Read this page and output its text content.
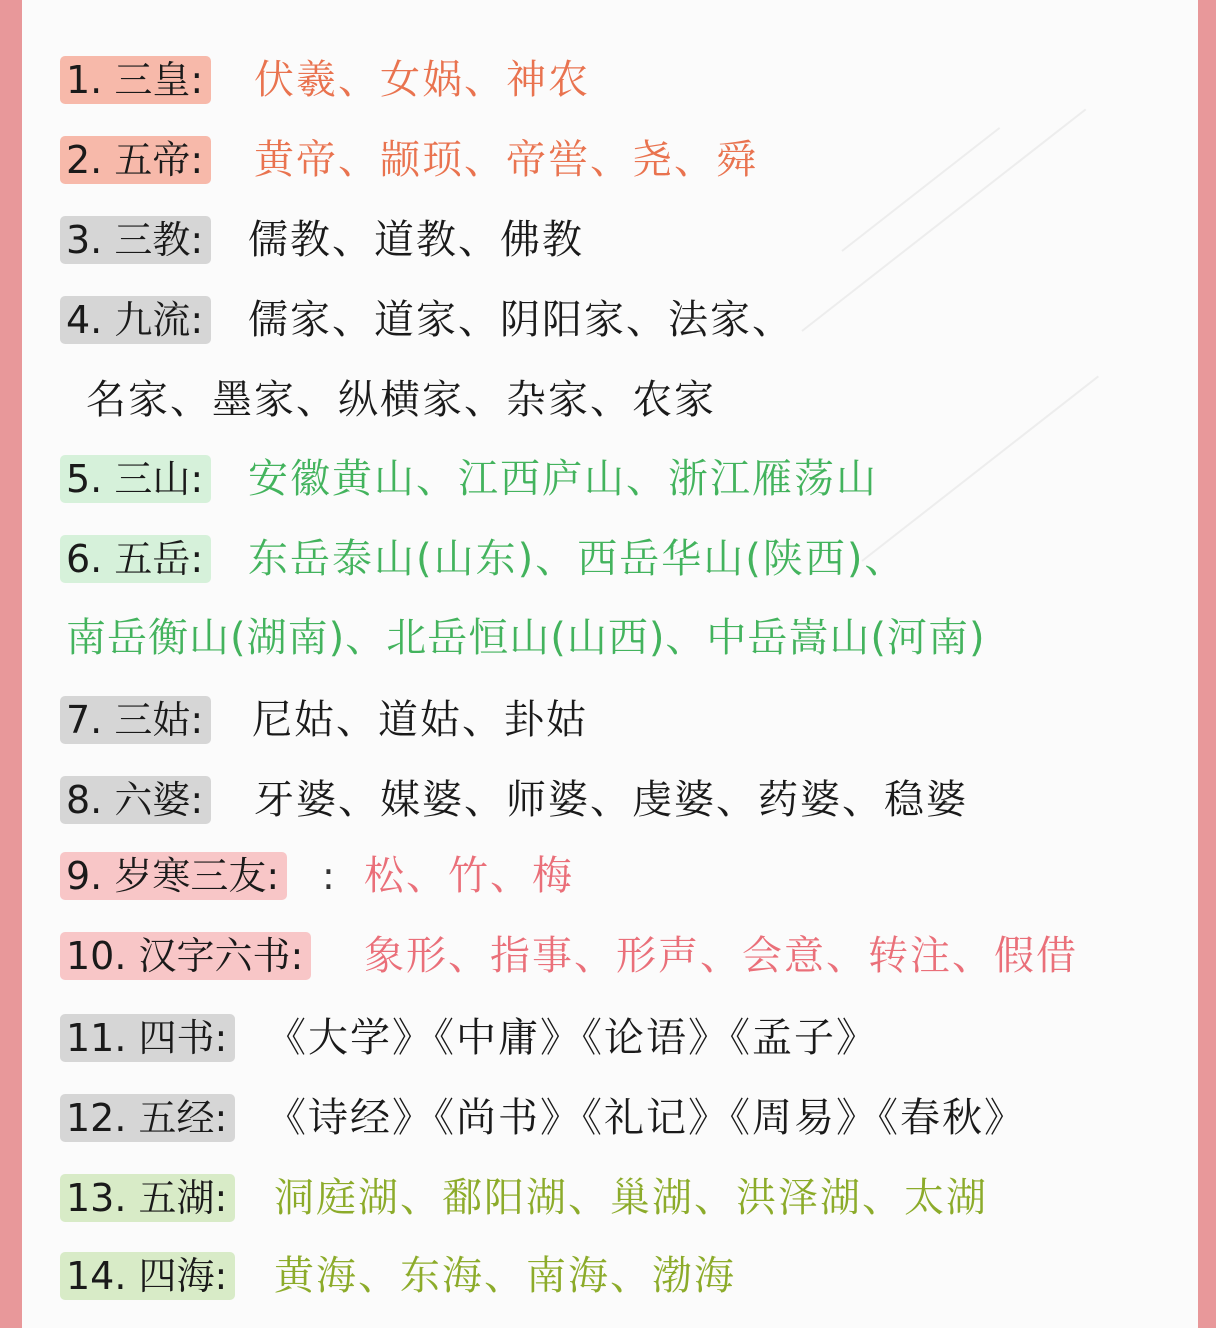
1. 三皇: 伏羲、女娲、神农
2. 五帝: 黄帝、颛顼、帝喾、尧、舜
3. 三教: 儒教、道教、佛教
4. 九流: 儒家、道家、阴阳家、法家、
名家、墨家、纵横家、杂家、农家
5. 三山: 安徽黄山、江西庐山、浙江雁荡山
6. 五岳: 东岳泰山(山东)、西岳华山(陕西)、
南岳衡山(湖南)、北岳恒山(山西)、中岳嵩山(河南)
7. 三姑: 尼姑、道姑、卦姑
8. 六婆: 牙婆、媒婆、师婆、虔婆、药婆、稳婆
9. 岁寒三友: : 松、竹、梅
10. 汉字六书: 象形、指事、形声、会意、转注、假借
11. 四书: 《大学》《中庸》《论语》《孟子》
12. 五经: 《诗经》《尚书》《礼记》《周易》《春秋》
13. 五湖: 洞庭湖、鄱阳湖、巢湖、洪泽湖、太湖
14. 四海: 黄海、东海、南海、渤海
